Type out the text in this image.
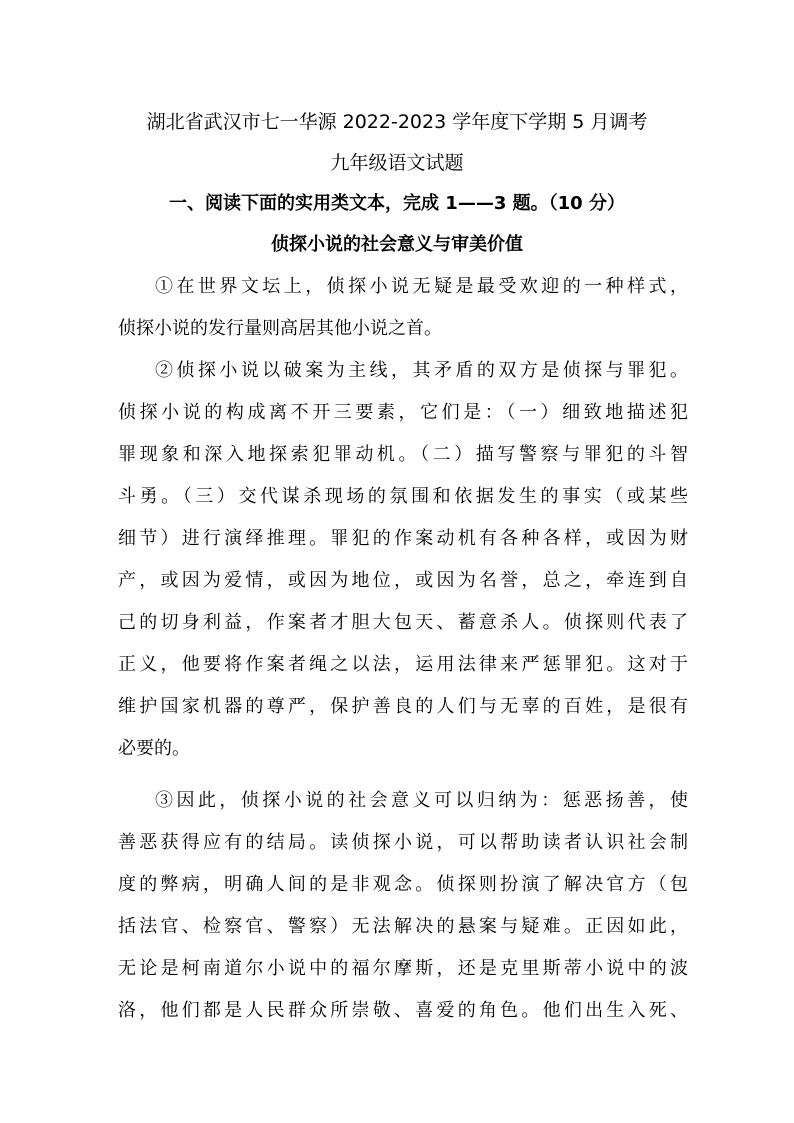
湖北省武汉市七一华源 2022-2023 学年度下学期 5 月调考
九年级语文试题
一、阅读下面的实用类文本，完成 1——3 题。（10 分）
侦探小说的社会意义与审美价值
①在世界文坛上，侦探小说无疑是最受欢迎的一种样式，
侦探小说的发行量则高居其他小说之首。
②侦探小说以破案为主线，其矛盾的双方是侦探与罪犯。
侦探小说的构成离不开三要素，它们是：（一）细致地描述犯
罪现象和深入地探索犯罪动机。（二）描写警察与罪犯的斗智
斗勇。（三）交代谋杀现场的氛围和依据发生的事实（或某些
细节）进行演绎推理。罪犯的作案动机有各种各样，或因为财
产，或因为爱情，或因为地位，或因为名誉，总之，牵连到自
己的切身利益，作案者才胆大包天、蓄意杀人。侦探则代表了
正义，他要将作案者绳之以法，运用法律来严惩罪犯。这对于
维护国家机器的尊严，保护善良的人们与无辜的百姓，是很有
必要的。
③因此，侦探小说的社会意义可以归纳为：惩恶扬善，使
善恶获得应有的结局。读侦探小说，可以帮助读者认识社会制
度的弊病，明确人间的是非观念。侦探则扮演了解决官方（包
括法官、检察官、警察）无法解决的悬案与疑难。正因如此，
无论是柯南道尔小说中的福尔摩斯，还是克里斯蒂小说中的波
洛，他们都是人民群众所崇敬、喜爱的角色。他们出生入死、
